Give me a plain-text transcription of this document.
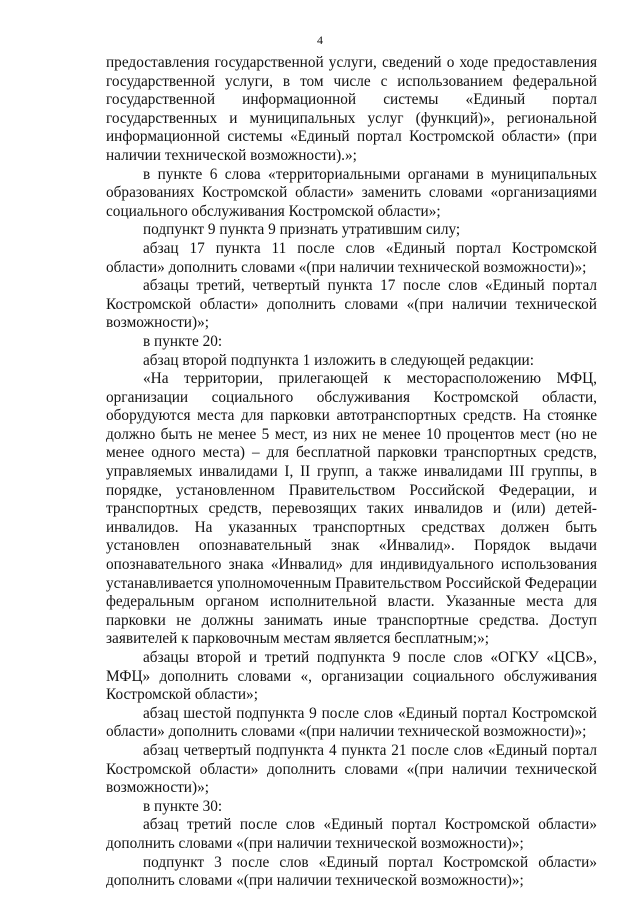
4

предоставления государственной услуги, сведений о ходе предоставления государственной услуги, в том числе с использованием федеральной государственной информационной системы «Единый портал государственных и муниципальных услуг (функций)», региональной информационной системы «Единый портал Костромской области» (при наличии технической возможности).»;

в пункте 6 слова «территориальными органами в муниципальных образованиях Костромской области» заменить словами «организациями социального обслуживания Костромской области»;

подпункт 9 пункта 9 признать утратившим силу;

абзац 17 пункта 11 после слов «Единый портал Костромской области» дополнить словами «(при наличии технической возможности)»;

абзацы третий, четвертый пункта 17 после слов «Единый портал Костромской области» дополнить словами «(при наличии технической возможности)»;

в пункте 20:

абзац второй подпункта 1 изложить в следующей редакции:

«На территории, прилегающей к месторасположению МФЦ, организации социального обслуживания Костромской области, оборудуются места для парковки автотранспортных средств. На стоянке должно быть не менее 5 мест, из них не менее 10 процентов мест (но не менее одного места) – для бесплатной парковки транспортных средств, управляемых инвалидами I, II групп, а также инвалидами III группы, в порядке, установленном Правительством Российской Федерации, и транспортных средств, перевозящих таких инвалидов и (или) детей-инвалидов. На указанных транспортных средствах должен быть установлен опознавательный знак «Инвалид». Порядок выдачи опознавательного знака «Инвалид» для индивидуального использования устанавливается уполномоченным Правительством Российской Федерации федеральным органом исполнительной власти. Указанные места для парковки не должны занимать иные транспортные средства. Доступ заявителей к парковочным местам является бесплатным;»;

абзацы второй и третий подпункта 9 после слов «ОГКУ «ЦСВ», МФЦ» дополнить словами «, организации социального обслуживания Костромской области»;

абзац шестой подпункта 9 после слов «Единый портал Костромской области» дополнить словами «(при наличии технической возможности)»;

абзац четвертый подпункта 4 пункта 21 после слов «Единый портал Костромской области» дополнить словами «(при наличии технической возможности)»;

в пункте 30:

абзац третий после слов «Единый портал Костромской области» дополнить словами «(при наличии технической возможности)»;

подпункт 3 после слов «Единый портал Костромской области» дополнить словами «(при наличии технической возможности)»;
